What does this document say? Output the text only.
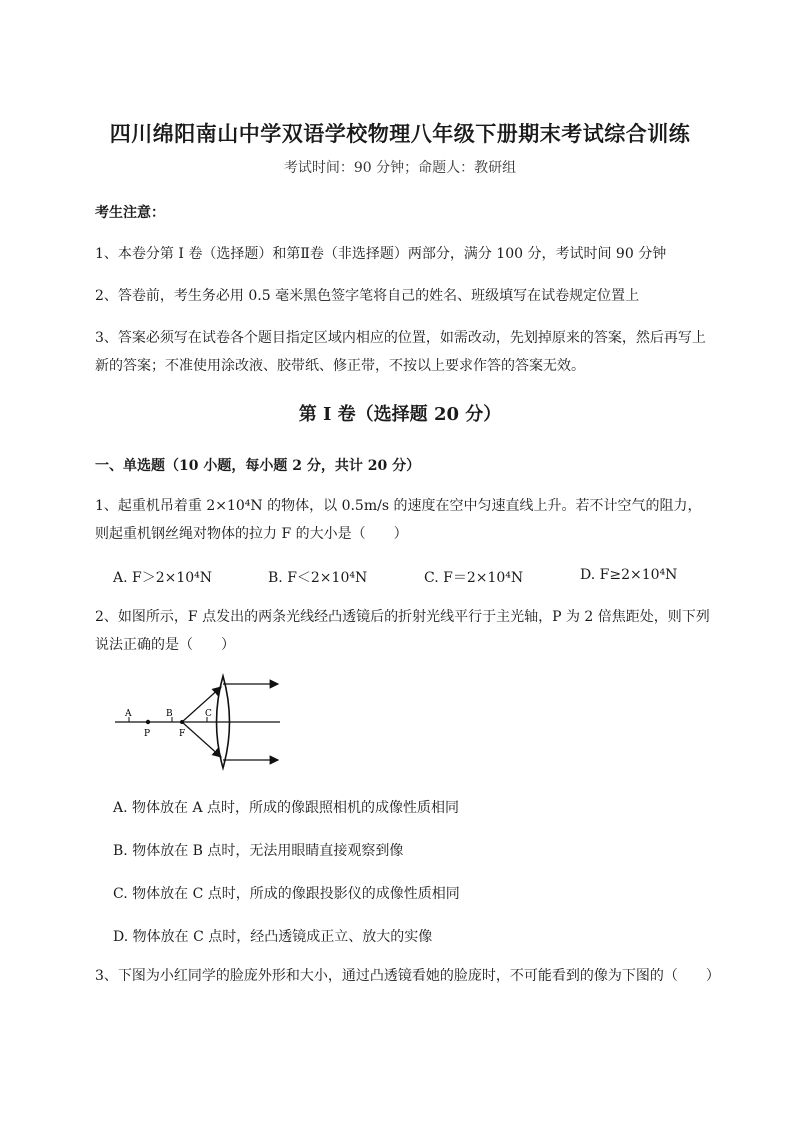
四川绵阳南山中学双语学校物理八年级下册期末考试综合训练
考试时间：90 分钟；命题人：教研组
考生注意：
1、本卷分第 I 卷（选择题）和第Ⅱ卷（非选择题）两部分，满分 100 分，考试时间 90 分钟
2、答卷前，考生务必用 0.5 毫米黑色签字笔将自己的姓名、班级填写在试卷规定位置上
3、答案必须写在试卷各个题目指定区域内相应的位置，如需改动，先划掉原来的答案，然后再写上新的答案；不准使用涂改液、胶带纸、修正带，不按以上要求作答的答案无效。
第 I 卷（选择题 20 分）
一、单选题（10 小题，每小题 2 分，共计 20 分）
1、起重机吊着重 2×10⁴N 的物体，以 0.5m/s 的速度在空中匀速直线上升。若不计空气的阻力，则起重机钢丝绳对物体的拉力 F 的大小是（　　）
A. F＞2×10⁴N	B. F＜2×10⁴N	C. F＝2×10⁴N	D. F≥2×10⁴N
2、如图所示，F 点发出的两条光线经凸透镜后的折射光线平行于主光轴，P 为 2 倍焦距处，则下列说法正确的是（　　）
A	B	C
P	F
A. 物体放在 A 点时，所成的像跟照相机的成像性质相同
B. 物体放在 B 点时，无法用眼睛直接观察到像
C. 物体放在 C 点时，所成的像跟投影仪的成像性质相同
D. 物体放在 C 点时，经凸透镜成正立、放大的实像
3、下图为小红同学的脸庞外形和大小，通过凸透镜看她的脸庞时，不可能看到的像为下图的（　　）
